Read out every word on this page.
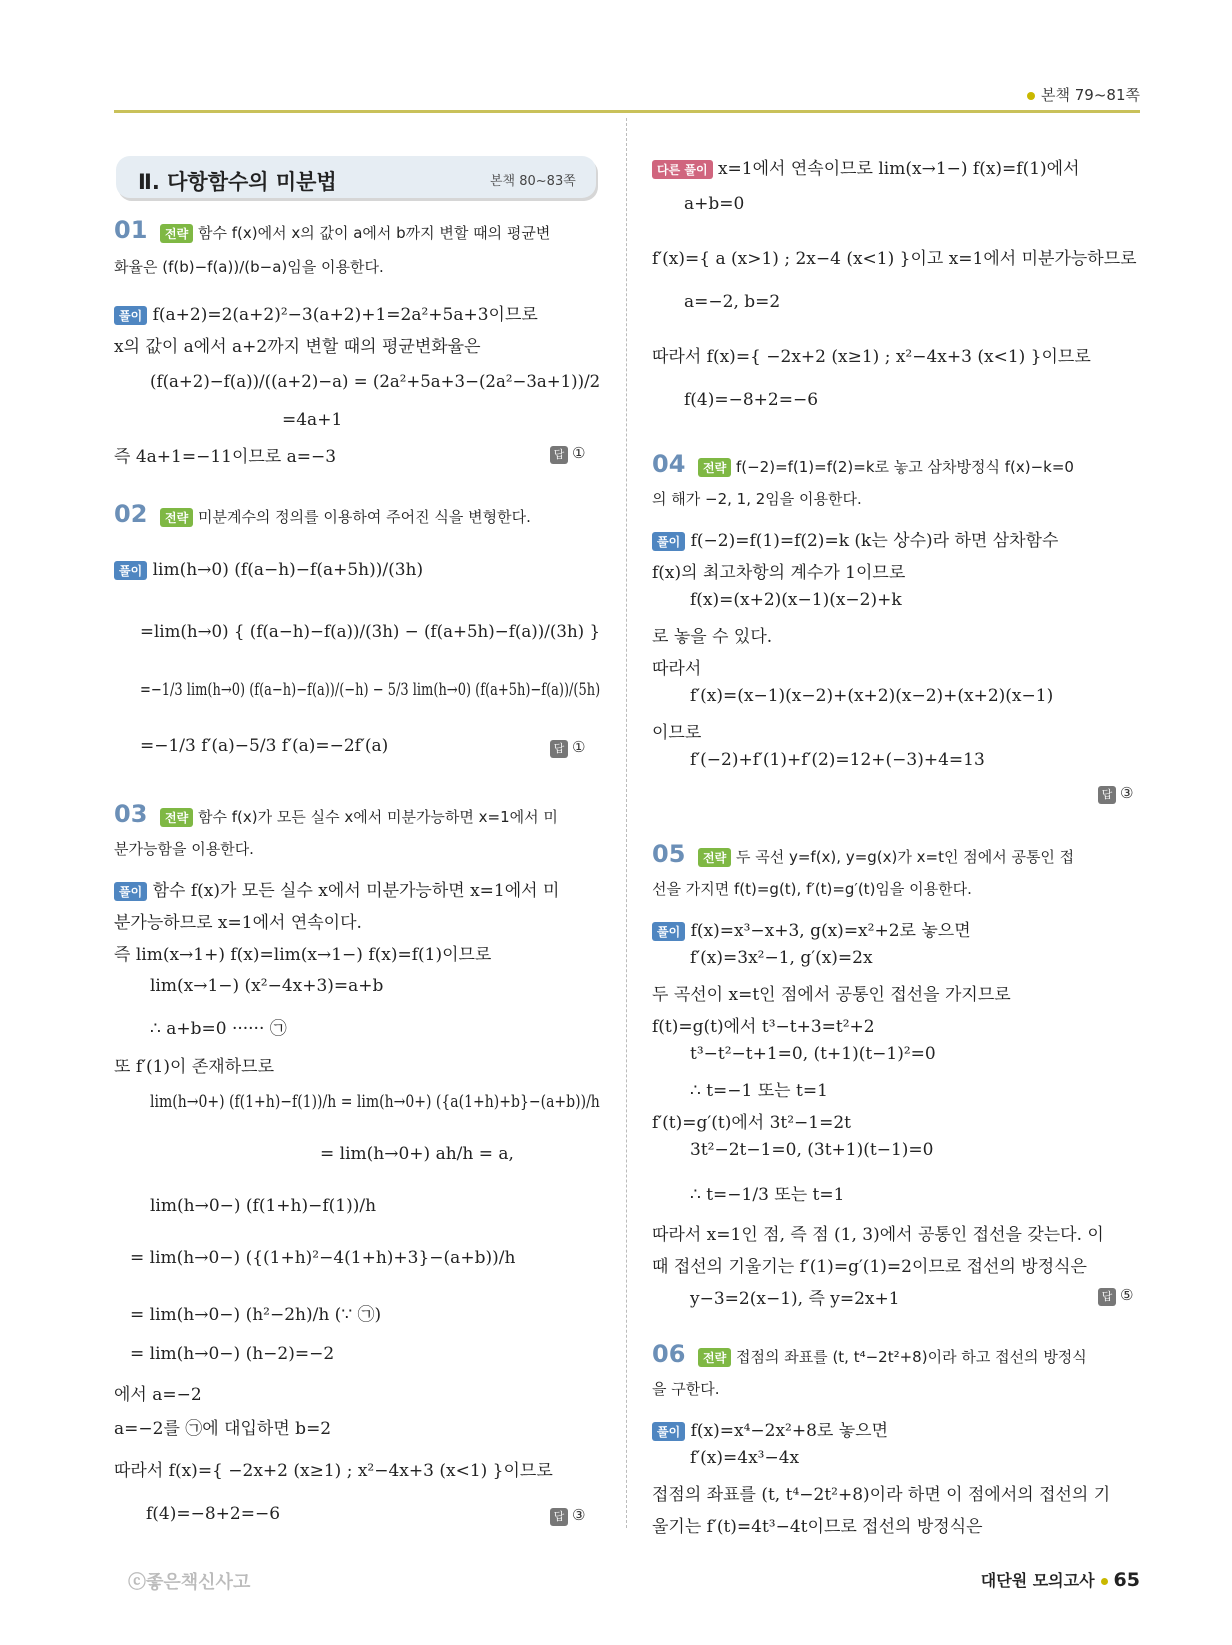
본책 79~81쪽
Ⅱ. 다항함수의 미분법	본책 80~83쪽
01	전략 함수 f(x)에서 x의 값이 a에서 b까지 변할 때의 평균변
화율은 (f(b)−f(a))/(b−a)임을 이용한다.
풀이 f(a+2)=2(a+2)²−3(a+2)+1=2a²+5a+3이므로
x의 값이 a에서 a+2까지 변할 때의 평균변화율은
(f(a+2)−f(a))/((a+2)−a) = (2a²+5a+3−(2a²−3a+1))/2
=4a+1
즉 4a+1=−11이므로 a=−3	답 ①
02	전략 미분계수의 정의를 이용하여 주어진 식을 변형한다.
풀이 lim(h→0) (f(a−h)−f(a+5h))/(3h)
=lim(h→0) { (f(a−h)−f(a))/(3h) − (f(a+5h)−f(a))/(3h) }
=−1/3 lim(h→0) (f(a−h)−f(a))/(−h) − 5/3 lim(h→0) (f(a+5h)−f(a))/(5h)
=−1/3 f′(a)−5/3 f′(a)=−2f′(a)	답 ①
03	전략 함수 f(x)가 모든 실수 x에서 미분가능하면 x=1에서 미
분가능함을 이용한다.
풀이 함수 f(x)가 모든 실수 x에서 미분가능하면 x=1에서 미
분가능하므로 x=1에서 연속이다.
즉 lim(x→1+) f(x)=lim(x→1−) f(x)=f(1)이므로
lim(x→1−) (x²−4x+3)=a+b
∴ a+b=0 ······ ㉠
또 f′(1)이 존재하므로
lim(h→0+) (f(1+h)−f(1))/h = lim(h→0+) ({a(1+h)+b}−(a+b))/h
= lim(h→0+) ah/h = a,
lim(h→0−) (f(1+h)−f(1))/h
= lim(h→0−) ({(1+h)²−4(1+h)+3}−(a+b))/h
= lim(h→0−) (h²−2h)/h (∵ ㉠)
= lim(h→0−) (h−2)=−2
에서 a=−2
a=−2를 ㉠에 대입하면 b=2
따라서 f(x)={ −2x+2 (x≥1) ; x²−4x+3 (x<1) }이므로
f(4)=−8+2=−6	답 ③
다른 풀이 x=1에서 연속이므로 lim(x→1−) f(x)=f(1)에서
a+b=0
f′(x)={ a (x>1) ; 2x−4 (x<1) }이고 x=1에서 미분가능하므로
a=−2, b=2
따라서 f(x)={ −2x+2 (x≥1) ; x²−4x+3 (x<1) }이므로
f(4)=−8+2=−6
04	전략 f(−2)=f(1)=f(2)=k로 놓고 삼차방정식 f(x)−k=0
의 해가 −2, 1, 2임을 이용한다.
풀이 f(−2)=f(1)=f(2)=k (k는 상수)라 하면 삼차함수
f(x)의 최고차항의 계수가 1이므로
f(x)=(x+2)(x−1)(x−2)+k
로 놓을 수 있다.
따라서
f′(x)=(x−1)(x−2)+(x+2)(x−2)+(x+2)(x−1)
이므로
f′(−2)+f′(1)+f′(2)=12+(−3)+4=13
답 ③
05	전략 두 곡선 y=f(x), y=g(x)가 x=t인 점에서 공통인 접
선을 가지면 f(t)=g(t), f′(t)=g′(t)임을 이용한다.
풀이 f(x)=x³−x+3, g(x)=x²+2로 놓으면
f′(x)=3x²−1, g′(x)=2x
두 곡선이 x=t인 점에서 공통인 접선을 가지므로
f(t)=g(t)에서 t³−t+3=t²+2
t³−t²−t+1=0, (t+1)(t−1)²=0
∴ t=−1 또는 t=1
f′(t)=g′(t)에서 3t²−1=2t
3t²−2t−1=0, (3t+1)(t−1)=0
∴ t=−1/3 또는 t=1
따라서 x=1인 점, 즉 점 (1, 3)에서 공통인 접선을 갖는다. 이
때 접선의 기울기는 f′(1)=g′(1)=2이므로 접선의 방정식은
y−3=2(x−1), 즉 y=2x+1	답 ⑤
06	전략 접점의 좌표를 (t, t⁴−2t²+8)이라 하고 접선의 방정식
을 구한다.
풀이 f(x)=x⁴−2x²+8로 놓으면
f′(x)=4x³−4x
접점의 좌표를 (t, t⁴−2t²+8)이라 하면 이 점에서의 접선의 기
울기는 f′(t)=4t³−4t이므로 접선의 방정식은
ⓒ좋은책신사고	대단원 모의고사 65
